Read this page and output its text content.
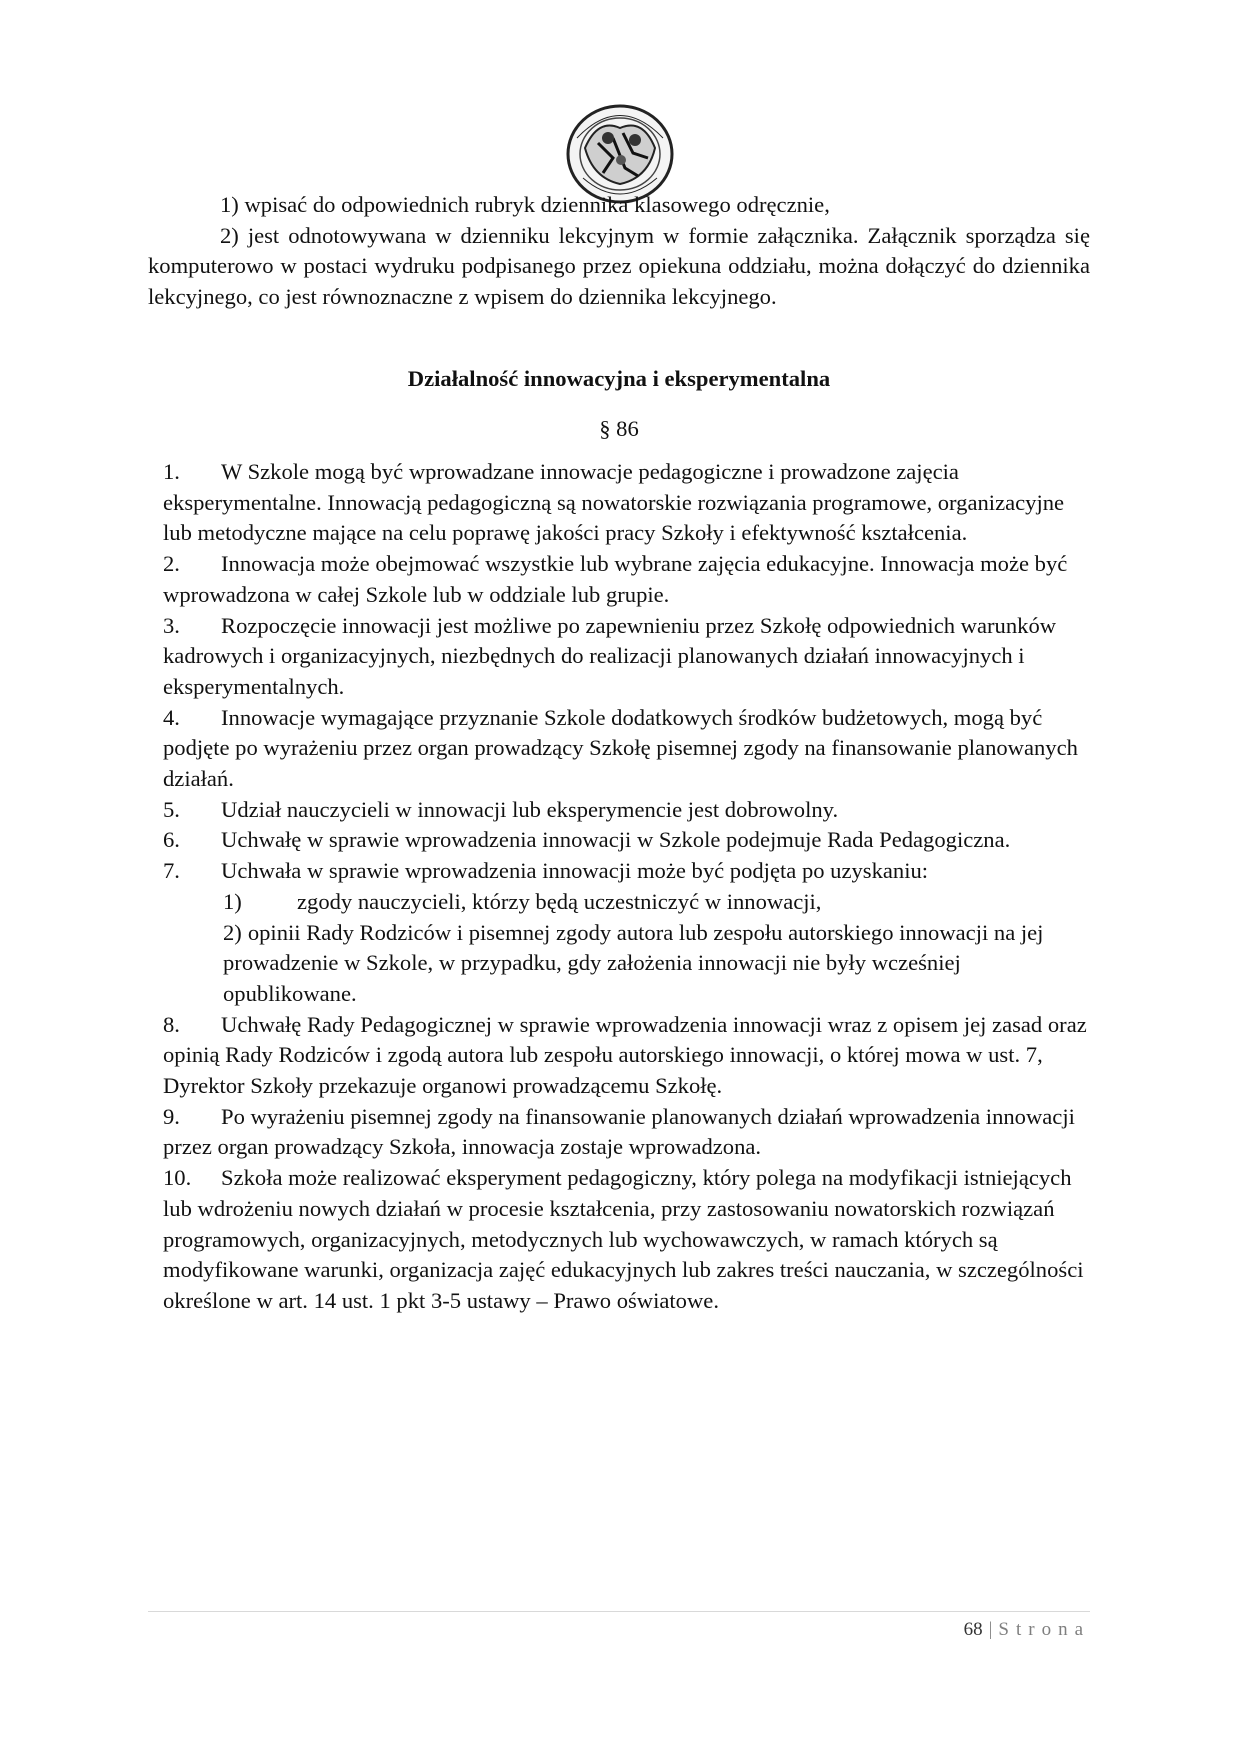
1) wpisać do odpowiednich rubryk dziennika klasowego odręcznie,

2) jest odnotowywana w dzienniku lekcyjnym w formie załącznika. Załącznik sporządza się komputerowo w postaci wydruku podpisanego przez opiekuna oddziału, można dołączyć do dziennika lekcyjnego, co jest równoznaczne z wpisem do dziennika lekcyjnego.

Działalność innowacyjna i eksperymentalna
§ 86

1. W Szkole mogą być wprowadzane innowacje pedagogiczne i prowadzone zajęcia eksperymentalne. Innowacją pedagogiczną są nowatorskie rozwiązania programowe, organizacyjne lub metodyczne mające na celu poprawę jakości pracy Szkoły i efektywność kształcenia.

2. Innowacja może obejmować wszystkie lub wybrane zajęcia edukacyjne. Innowacja może być wprowadzona w całej Szkole lub w oddziale lub grupie.

3. Rozpoczęcie innowacji jest możliwe po zapewnieniu przez Szkołę odpowiednich warunków kadrowych i organizacyjnych, niezbędnych do realizacji planowanych działań innowacyjnych i eksperymentalnych.

4. Innowacje wymagające przyznanie Szkole dodatkowych środków budżetowych, mogą być podjęte po wyrażeniu przez organ prowadzący Szkołę pisemnej zgody na finansowanie planowanych działań.

5. Udział nauczycieli w innowacji lub eksperymencie jest dobrowolny.

6. Uchwałę w sprawie wprowadzenia innowacji w Szkole podejmuje Rada Pedagogiczna.

7. Uchwała w sprawie wprowadzenia innowacji może być podjęta po uzyskaniu:

1) zgody nauczycieli, którzy będą uczestniczyć w innowacji,

2) opinii Rady Rodziców i pisemnej zgody autora lub zespołu autorskiego innowacji na jej prowadzenie w Szkole, w przypadku, gdy założenia innowacji nie były wcześniej opublikowane.

8. Uchwałę Rady Pedagogicznej w sprawie wprowadzenia innowacji wraz z opisem jej zasad oraz opinią Rady Rodziców i zgodą autora lub zespołu autorskiego innowacji, o której mowa w ust. 7, Dyrektor Szkoły przekazuje organowi prowadzącemu Szkołę.

9. Po wyrażeniu pisemnej zgody na finansowanie planowanych działań wprowadzenia innowacji przez organ prowadzący Szkoła, innowacja zostaje wprowadzona.

10. Szkoła może realizować eksperyment pedagogiczny, który polega na modyfikacji istniejących lub wdrożeniu nowych działań w procesie kształcenia, przy zastosowaniu nowatorskich rozwiązań programowych, organizacyjnych, metodycznych lub wychowawczych, w ramach których są modyfikowane warunki, organizacja zajęć edukacyjnych lub zakres treści nauczania, w szczególności określone w art. 14 ust. 1 pkt 3-5 ustawy – Prawo oświatowe.

68 | Strona
